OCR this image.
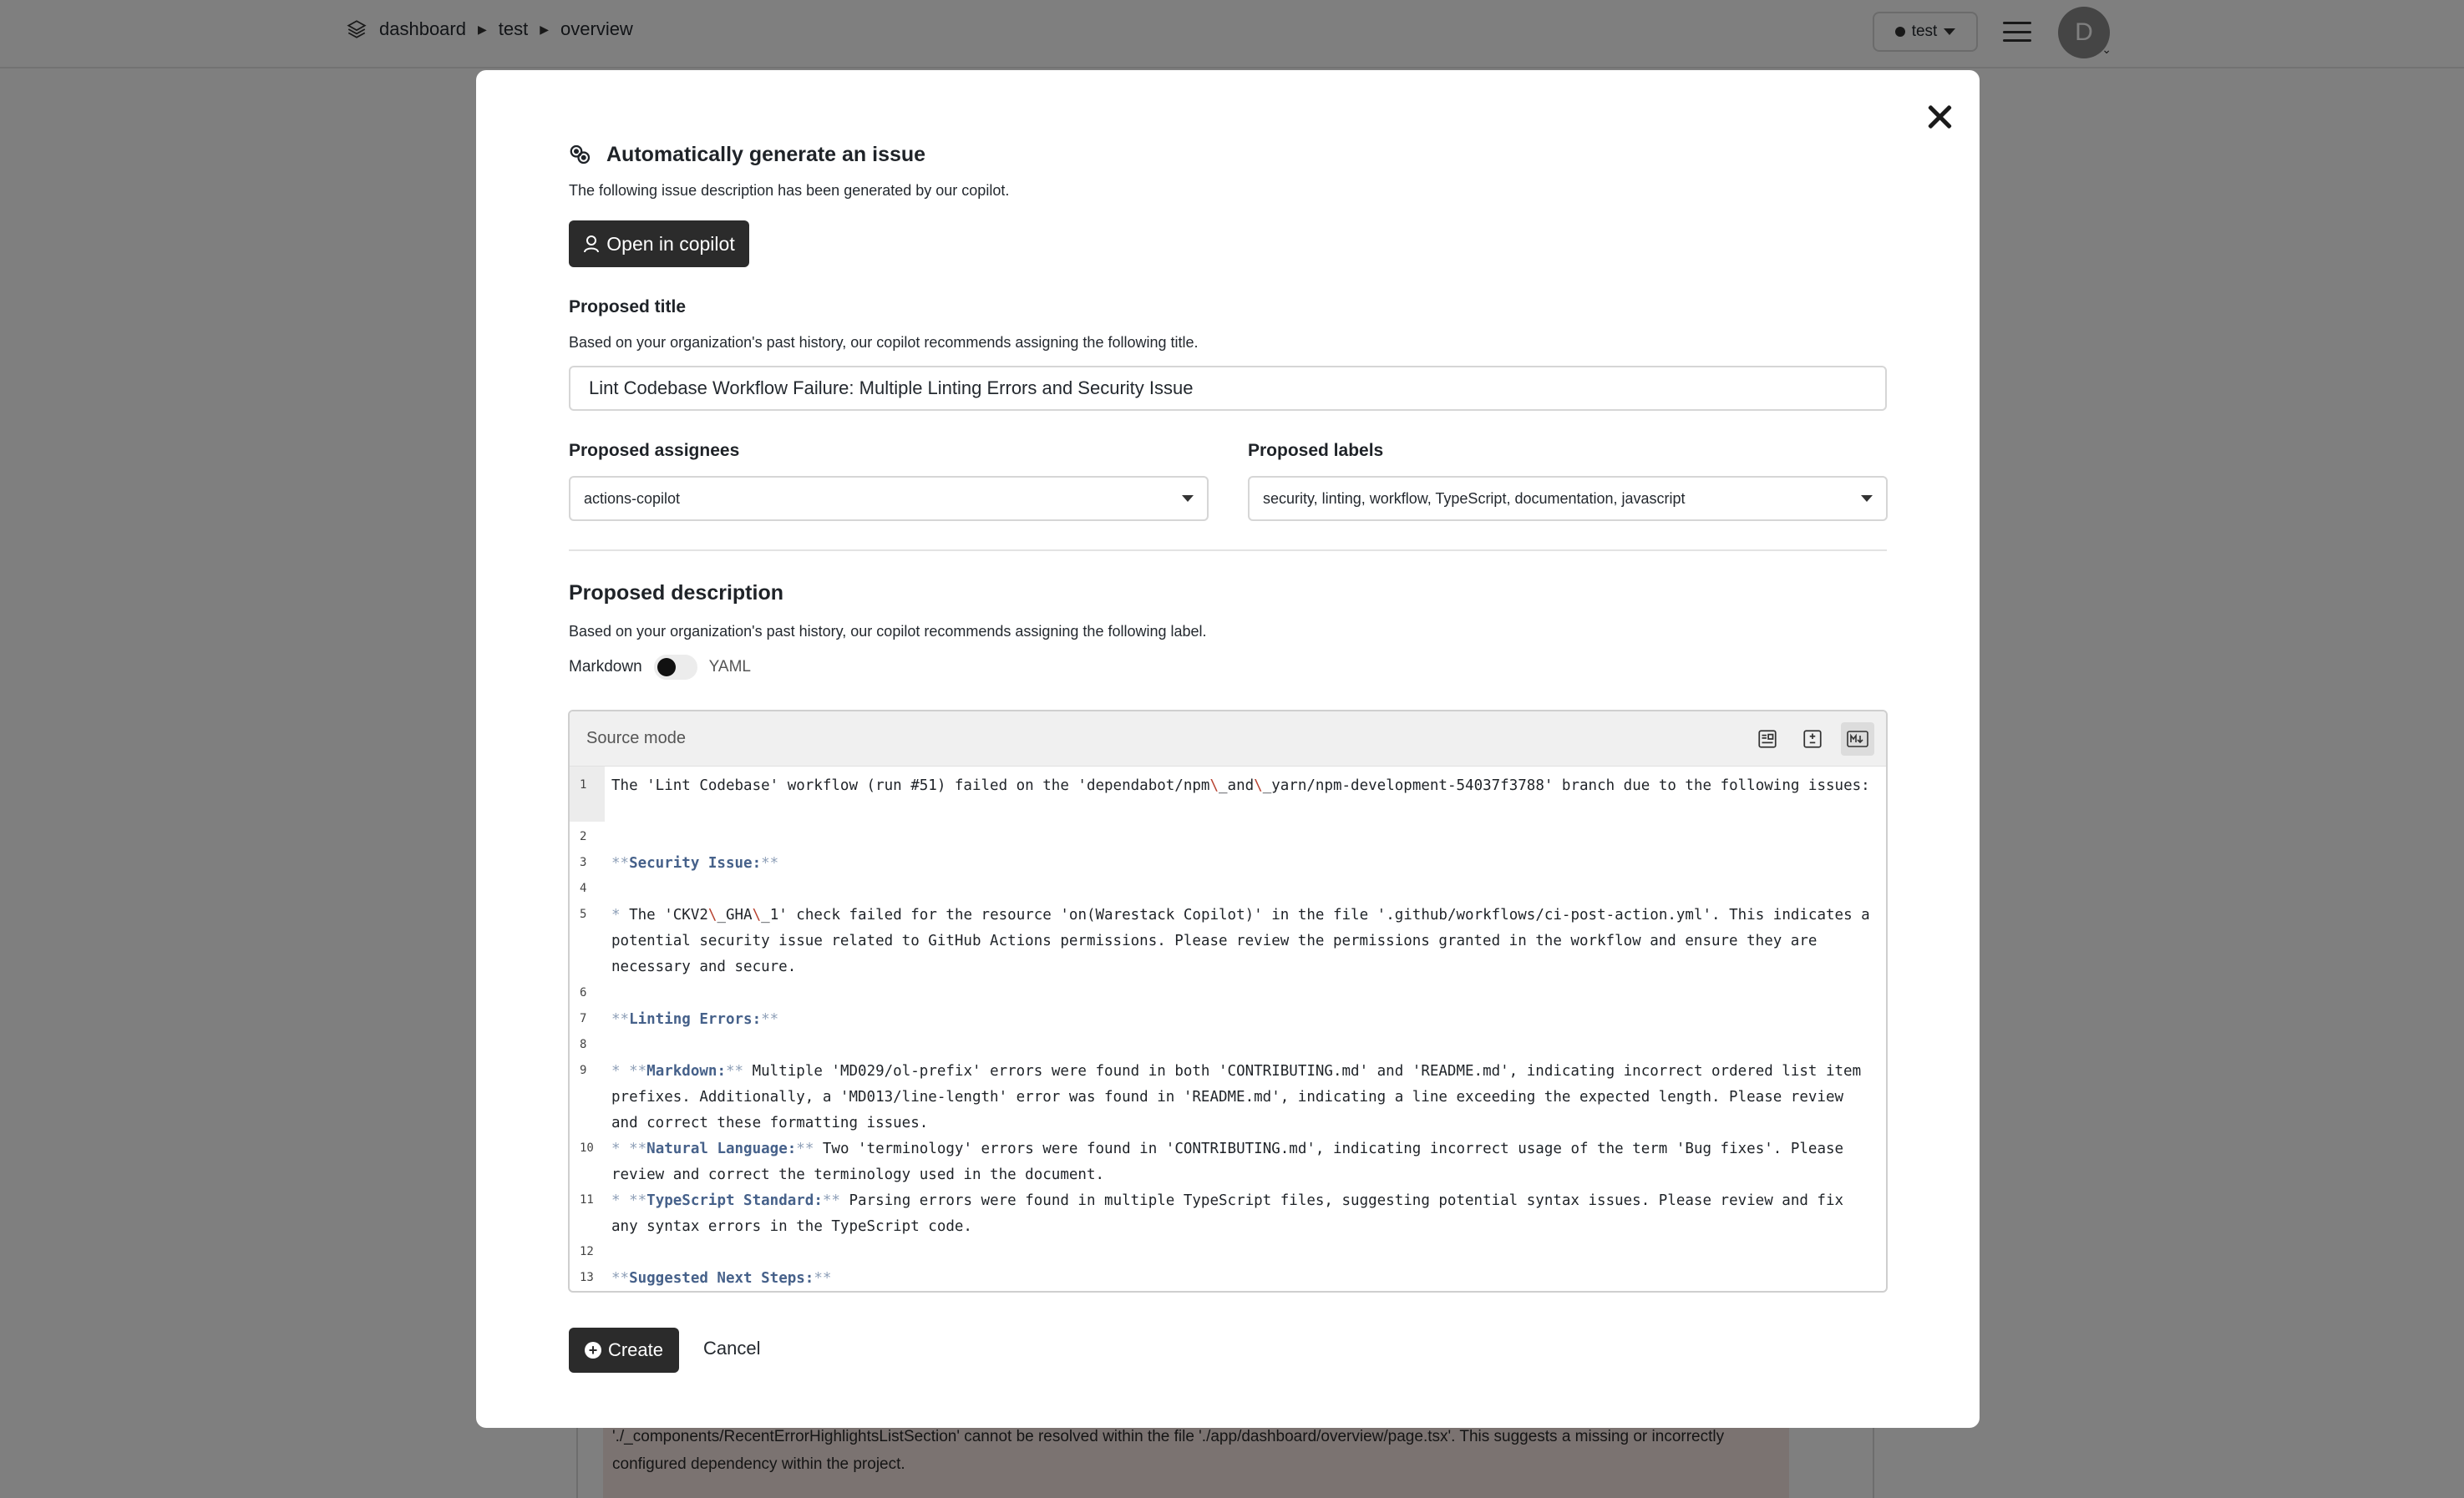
Automatically generate an issue
The following issue description has been generated by our copilot.
Open in copilot
Proposed title
Based on your organization's past history, our copilot recommends assigning the following title.
Lint Codebase Workflow Failure: Multiple Linting Errors and Security Issue
Proposed assignees
actions-copilot
Proposed labels
security, linting, workflow, TypeScript, documentation, javascript
Proposed description
Based on your organization's past history, our copilot recommends assigning the following label.
Markdown	YAML
Source mode
1	The 'Lint Codebase' workflow (run #51) failed on the 'dependabot/npm\_and\_yarn/npm-development-54037f3788' branch due to the following issues:
2
3	**Security Issue:**
4
5	* The 'CKV2\_GHA\_1' check failed for the resource 'on(Warestack Copilot)' in the file '.github/workflows/ci-post-action.yml'. This indicates a potential security issue related to GitHub Actions permissions. Please review the permissions granted in the workflow and ensure they are necessary and secure.
6
7	**Linting Errors:**
8
9	* **Markdown:** Multiple 'MD029/ol-prefix' errors were found in both 'CONTRIBUTING.md' and 'README.md', indicating incorrect ordered list item prefixes. Additionally, a 'MD013/line-length' error was found in 'README.md', indicating a line exceeding the expected length. Please review and correct these formatting issues.
10	* **Natural Language:** Two 'terminology' errors were found in 'CONTRIBUTING.md', indicating incorrect usage of the term 'Bug fixes'. Please review and correct the terminology used in the document.
11	* **TypeScript Standard:** Parsing errors were found in multiple TypeScript files, suggesting potential syntax issues. Please review and fix any syntax errors in the TypeScript code.
12
13	**Suggested Next Steps:**
+ Create Cancel
